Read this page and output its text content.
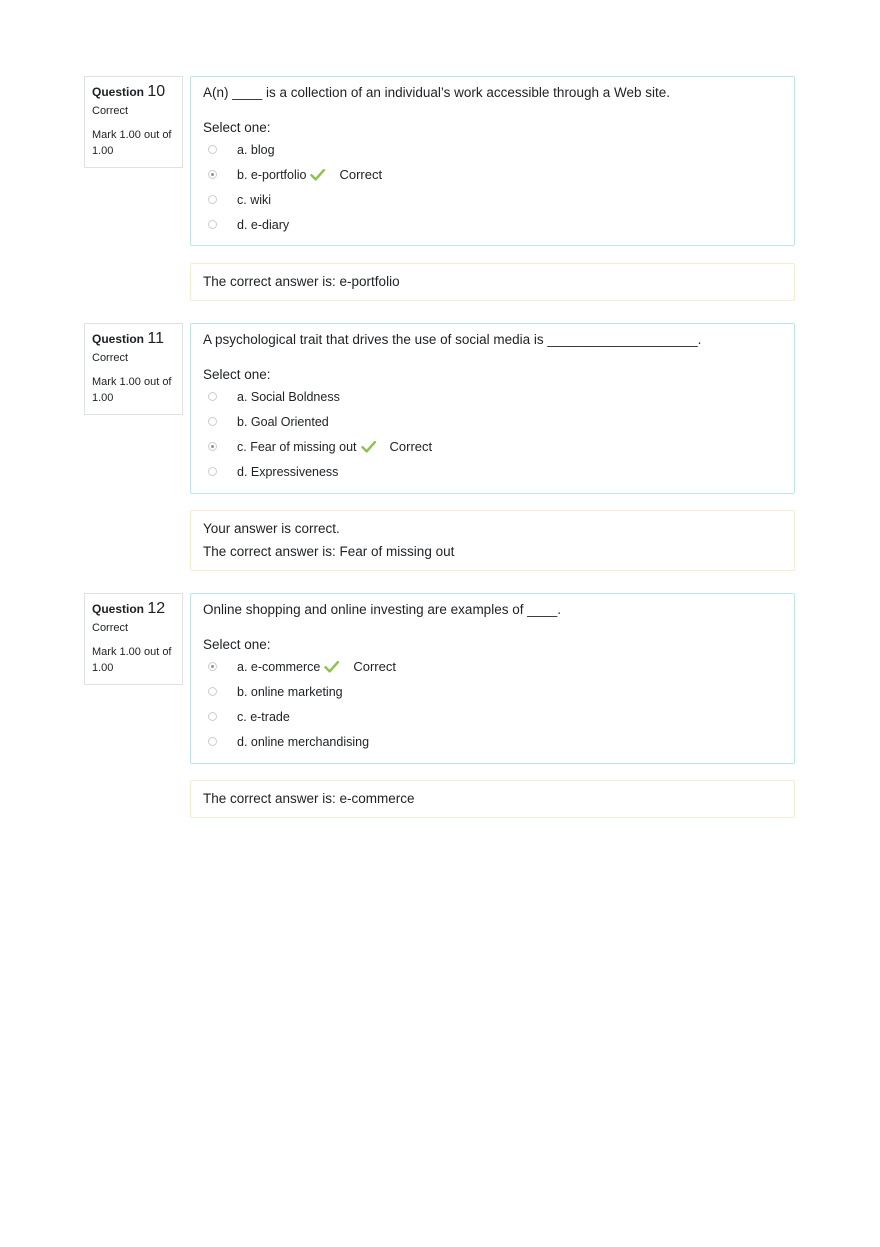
Question 10
Correct
Mark 1.00 out of 1.00
A(n) ____ is a collection of an individual’s work accessible through a Web site.
Select one:
a. blog
b. e-portfolio	Correct
c. wiki
d. e-diary
The correct answer is: e-portfolio
Question 11
Correct
Mark 1.00 out of 1.00
A psychological trait that drives the use of social media is ____________________.
Select one:
a. Social Boldness
b. Goal Oriented
c. Fear of missing out	Correct
d. Expressiveness
Your answer is correct.
The correct answer is: Fear of missing out
Question 12
Correct
Mark 1.00 out of 1.00
Online shopping and online investing are examples of ____.
Select one:
a. e-commerce	Correct
b. online marketing
c. e-trade
d. online merchandising
The correct answer is: e-commerce
